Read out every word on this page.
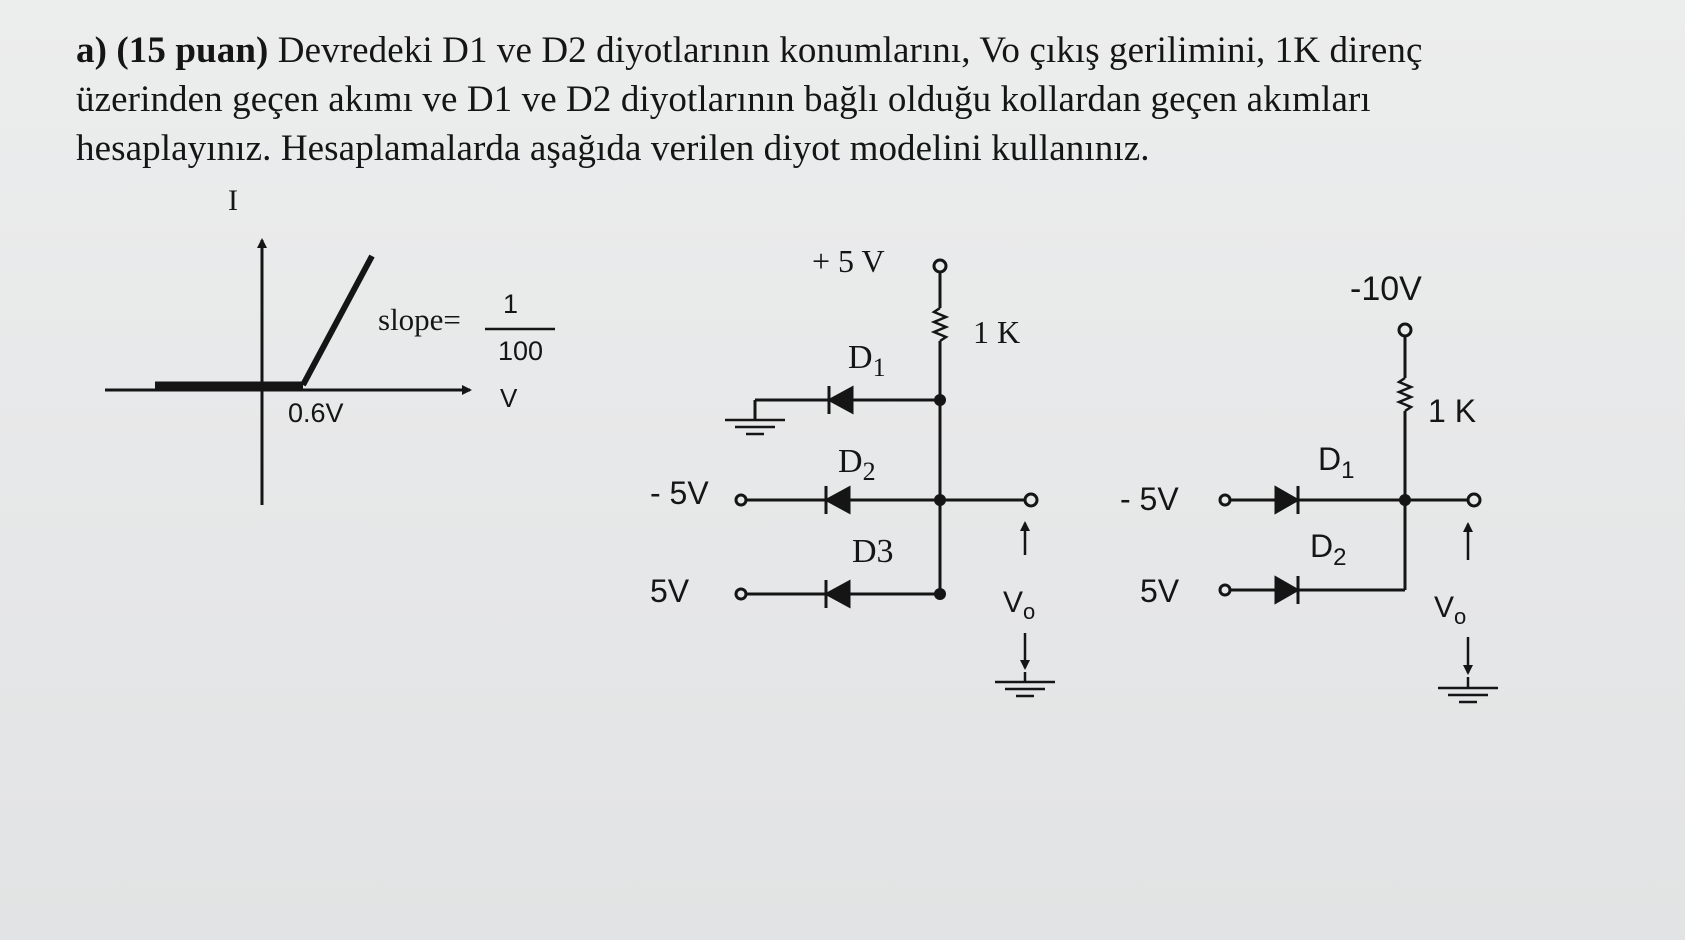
a) (15 puan) Devredeki D1 ve D2 diyotlarının konumlarını, Vo çıkış gerilimini, 1K direnç
üzerinden geçen akımı ve D1 ve D2 diyotlarının bağlı olduğu kollardan geçen akımları
hesaplayınız. Hesaplamalarda aşağıda verilen diyot modelini kullanınız.
I
V
0.6V
slope= 1
100
+ 5 V
1 K
$D_1$
$D_2$
D3
- 5V
5V	$V_o$
-10V
1 K
$D_1$
$D_2$
- 5V
5V	$V_o$
